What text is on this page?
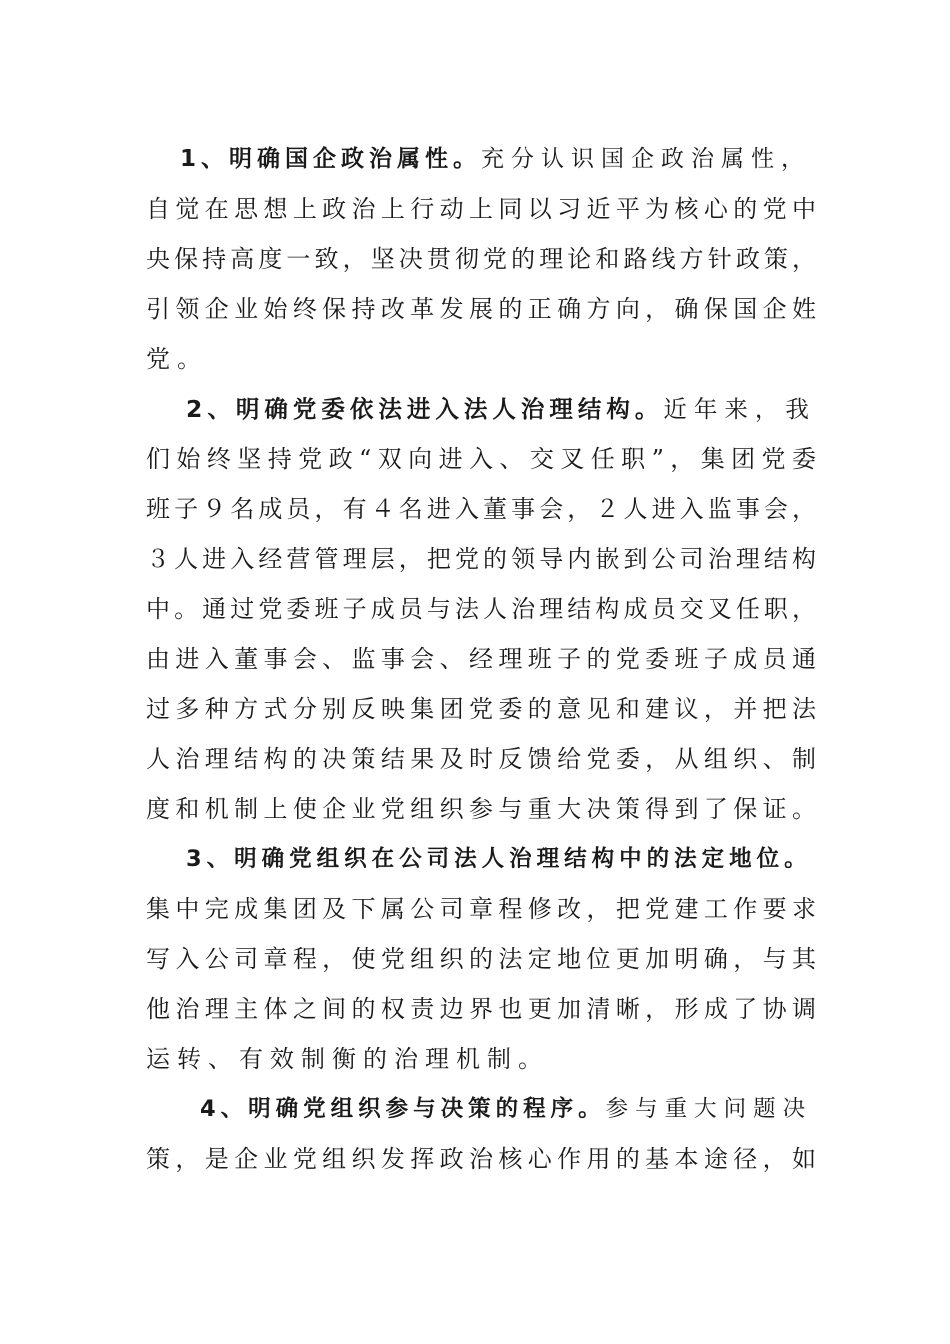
1、明确国企政治属性。充分认识国企政治属性，
自觉在思想上政治上行动上同以习近平为核心的党中
央保持高度一致，坚决贯彻党的理论和路线方针政策，
引领企业始终保持改革发展的正确方向，确保国企姓
党。
2、明确党委依法进入法人治理结构。近年来，我
们始终坚持党政“双向进入、交叉任职”，集团党委
班子９名成员，有４名进入董事会，２人进入监事会，
３人进入经营管理层，把党的领导内嵌到公司治理结构
中。通过党委班子成员与法人治理结构成员交叉任职，
由进入董事会、监事会、经理班子的党委班子成员通
过多种方式分别反映集团党委的意见和建议，并把法
人治理结构的决策结果及时反馈给党委，从组织、制
度和机制上使企业党组织参与重大决策得到了保证。
3、明确党组织在公司法人治理结构中的法定地位。
集中完成集团及下属公司章程修改，把党建工作要求
写入公司章程，使党组织的法定地位更加明确，与其
他治理主体之间的权责边界也更加清晰，形成了协调
运转、有效制衡的治理机制。
4、明确党组织参与决策的程序。参与重大问题决
策，是企业党组织发挥政治核心作用的基本途径，如
